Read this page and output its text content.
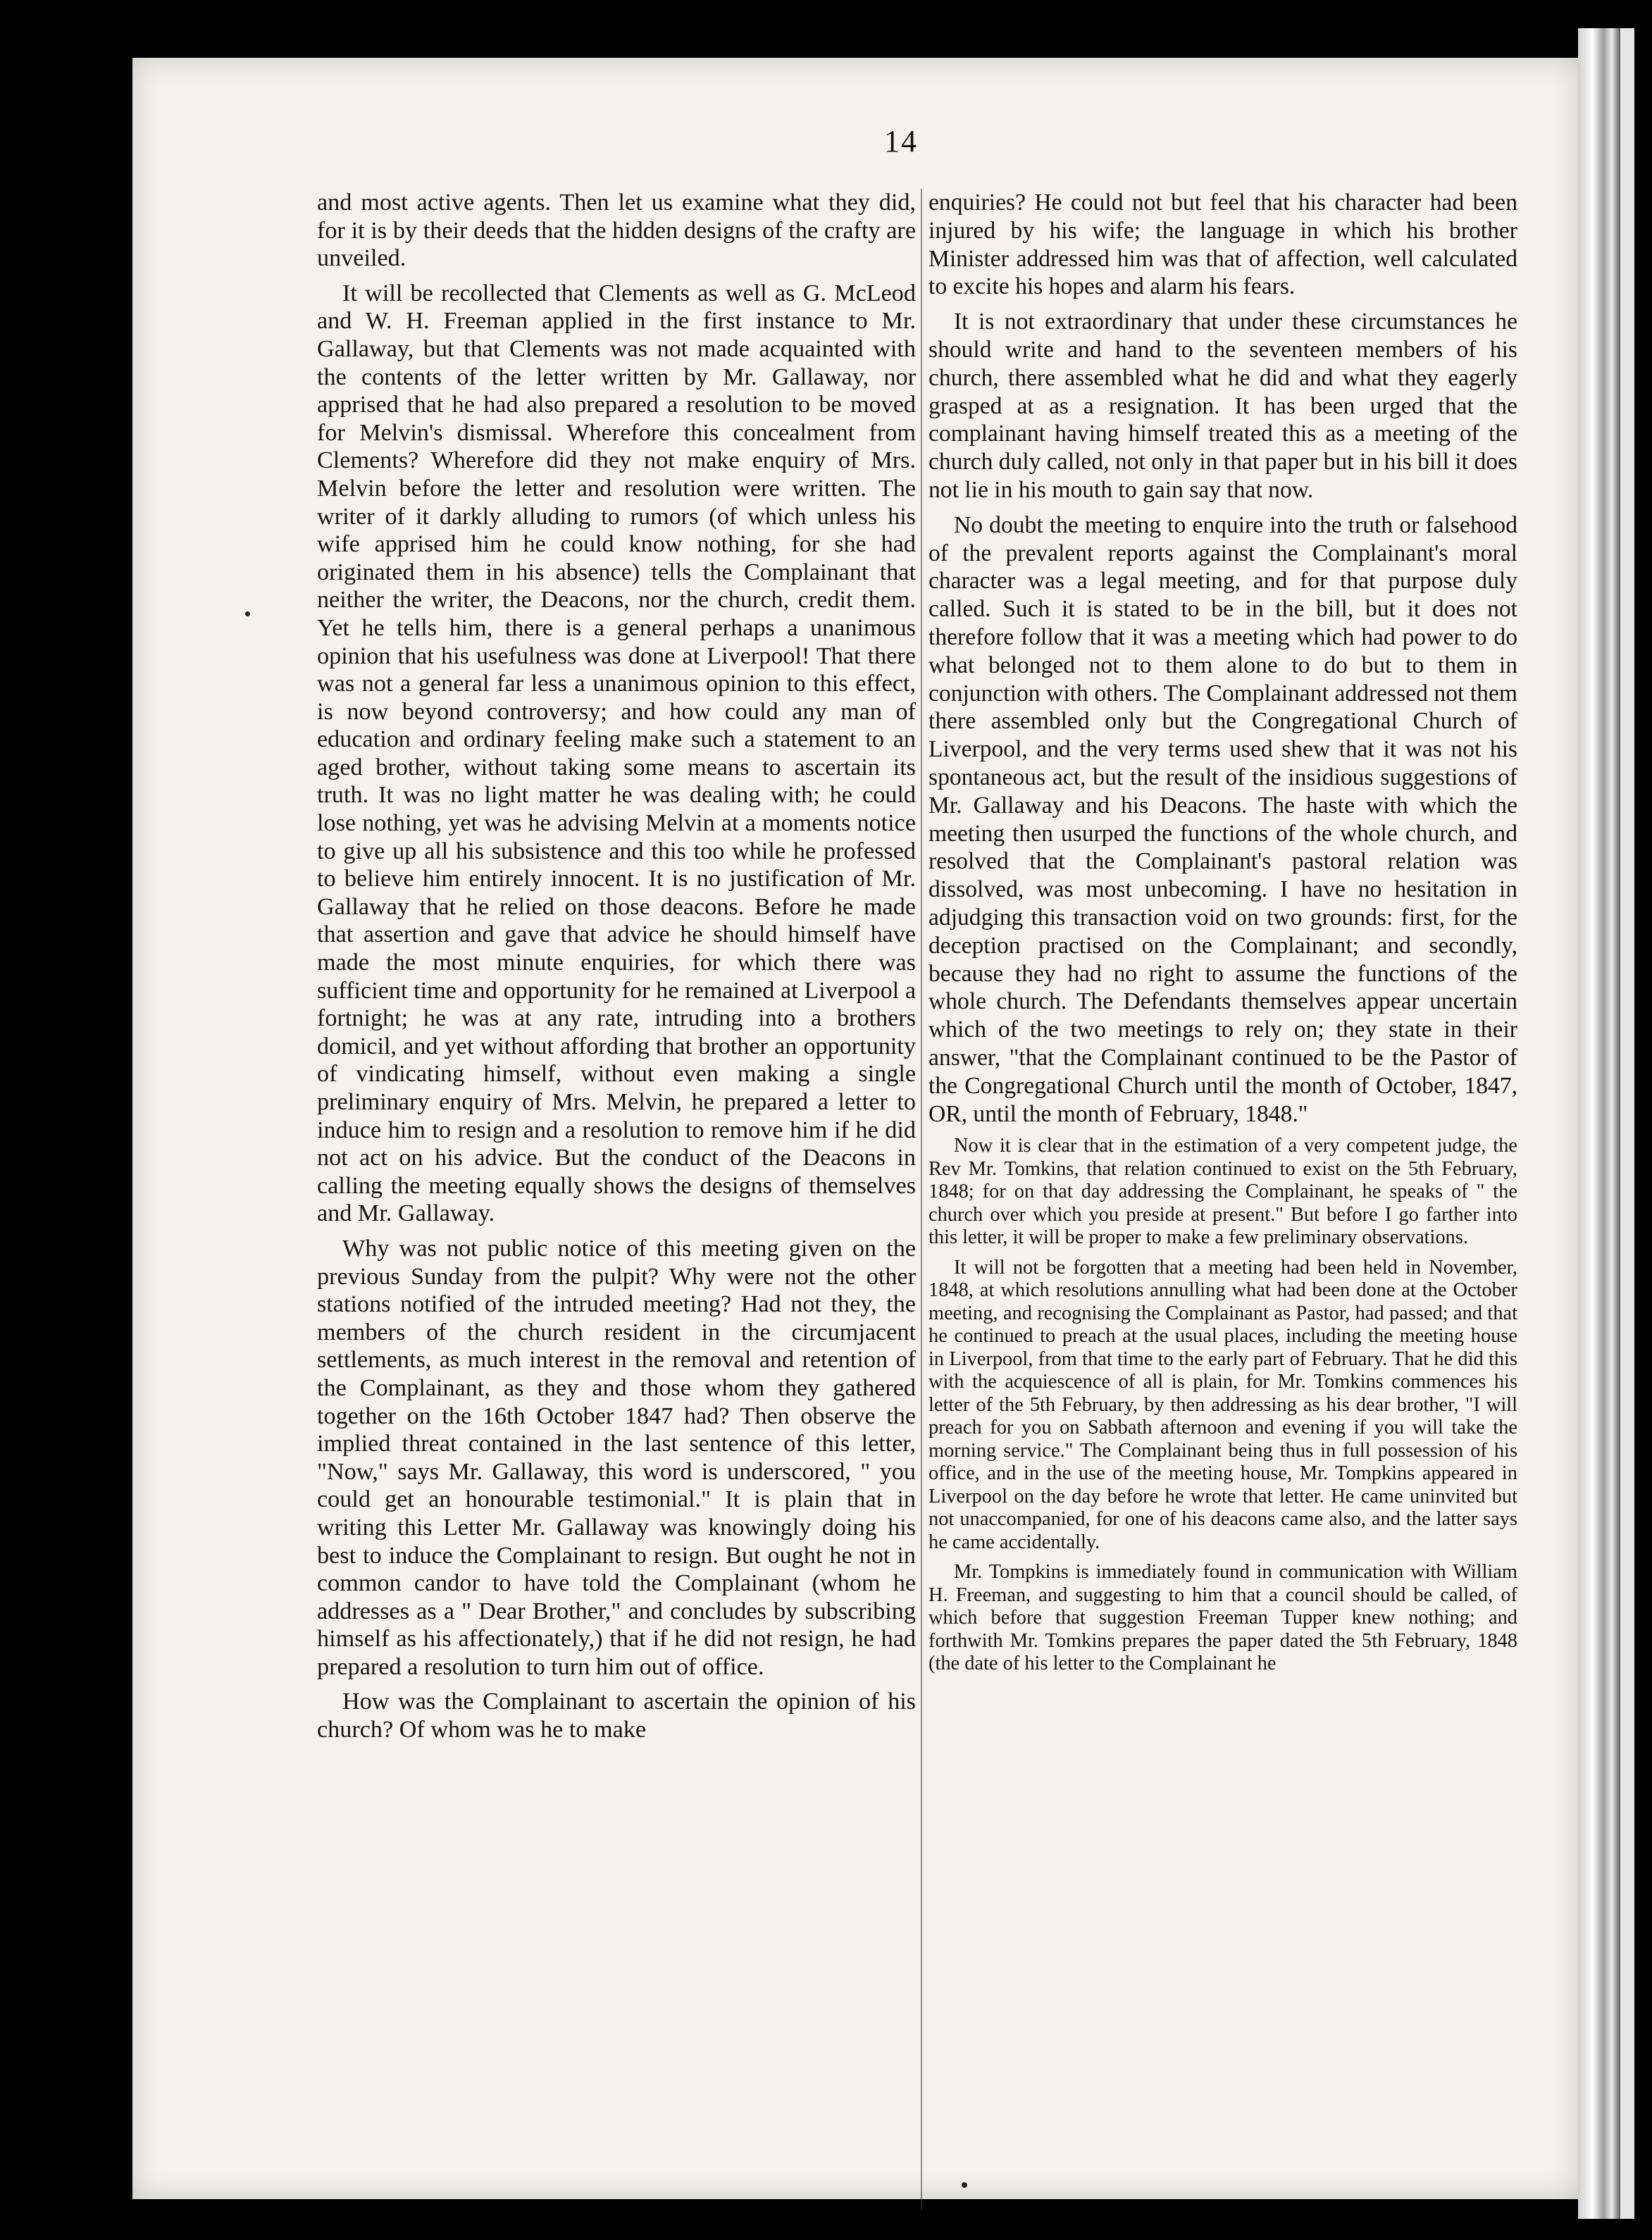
14

and most active agents. Then let us examine what they did, for it is by their deeds that the hidden designs of the crafty are unveiled.

It will be recollected that Clements as well as G. McLeod and W. H. Freeman applied in the first instance to Mr. Gallaway, but that Clements was not made acquainted with the contents of the letter written by Mr. Gallaway, nor apprised that he had also prepared a resolution to be moved for Melvin's dismissal. Wherefore this concealment from Clements? Wherefore did they not make enquiry of Mrs. Melvin before the letter and resolution were written. The writer of it darkly alluding to rumors (of which unless his wife apprised him he could know nothing, for she had originated them in his absence) tells the Complainant that neither the writer, the Deacons, nor the church, credit them. Yet he tells him, there is a general perhaps a unanimous opinion that his usefulness was done at Liverpool! That there was not a general far less a unanimous opinion to this effect, is now beyond controversy; and how could any man of education and ordinary feeling make such a statement to an aged brother, without taking some means to ascertain its truth. It was no light matter he was dealing with; he could lose nothing, yet was he advising Melvin at a moments notice to give up all his subsistence and this too while he professed to believe him entirely innocent. It is no justification of Mr. Gallaway that he relied on those deacons. Before he made that assertion and gave that advice he should himself have made the most minute enquiries, for which there was sufficient time and opportunity for he remained at Liverpool a fortnight; he was at any rate, intruding into a brothers domicil, and yet without affording that brother an opportunity of vindicating himself, without even making a single preliminary enquiry of Mrs. Melvin, he prepared a letter to induce him to resign and a resolution to remove him if he did not act on his advice. But the conduct of the Deacons in calling the meeting equally shows the designs of themselves and Mr. Gallaway.

Why was not public notice of this meeting given on the previous Sunday from the pulpit? Why were not the other stations notified of the intruded meeting? Had not they, the members of the church resident in the circumjacent settlements, as much interest in the removal and retention of the Complainant, as they and those whom they gathered together on the 16th October 1847 had? Then observe the implied threat contained in the last sentence of this letter, "Now," says Mr. Gallaway, this word is underscored, " you could get an honourable testimonial." It is plain that in writing this Letter Mr. Gallaway was knowingly doing his best to induce the Complainant to resign. But ought he not in common candor to have told the Complainant (whom he addresses as a " Dear Brother," and concludes by subscribing himself as his affectionately,) that if he did not resign, he had prepared a resolution to turn him out of office.

How was the Complainant to ascertain the opinion of his church? Of whom was he to make

enquiries? He could not but feel that his character had been injured by his wife; the language in which his brother Minister addressed him was that of affection, well calculated to excite his hopes and alarm his fears.

It is not extraordinary that under these circumstances he should write and hand to the seventeen members of his church, there assembled what he did and what they eagerly grasped at as a resignation. It has been urged that the complainant having himself treated this as a meeting of the church duly called, not only in that paper but in his bill it does not lie in his mouth to gain say that now.

No doubt the meeting to enquire into the truth or falsehood of the prevalent reports against the Complainant's moral character was a legal meeting, and for that purpose duly called. Such it is stated to be in the bill, but it does not therefore follow that it was a meeting which had power to do what belonged not to them alone to do but to them in conjunction with others. The Complainant addressed not them there assembled only but the Congregational Church of Liverpool, and the very terms used shew that it was not his spontaneous act, but the result of the insidious suggestions of Mr. Gallaway and his Deacons. The haste with which the meeting then usurped the functions of the whole church, and resolved that the Complainant's pastoral relation was dissolved, was most unbecoming. I have no hesitation in adjudging this transaction void on two grounds: first, for the deception practised on the Complainant; and secondly, because they had no right to assume the functions of the whole church. The Defendants themselves appear uncertain which of the two meetings to rely on; they state in their answer, "that the Complainant continued to be the Pastor of the Congregational Church until the month of October, 1847, OR, until the month of February, 1848."

Now it is clear that in the estimation of a very competent judge, the Rev Mr. Tomkins, that relation continued to exist on the 5th February, 1848; for on that day addressing the Complainant, he speaks of " the church over which you preside at present." But before I go farther into this letter, it will be proper to make a few preliminary observations.

It will not be forgotten that a meeting had been held in November, 1848, at which resolutions annulling what had been done at the October meeting, and recognising the Complainant as Pastor, had passed; and that he continued to preach at the usual places, including the meeting house in Liverpool, from that time to the early part of February. That he did this with the acquiescence of all is plain, for Mr. Tomkins commences his letter of the 5th February, by then addressing as his dear brother, "I will preach for you on Sabbath afternoon and evening if you will take the morning service." The Complainant being thus in full possession of his office, and in the use of the meeting house, Mr. Tompkins appeared in Liverpool on the day before he wrote that letter. He came uninvited but not unaccompanied, for one of his deacons came also, and the latter says he came accidentally.

Mr. Tompkins is immediately found in communication with William H. Freeman, and suggesting to him that a council should be called, of which before that suggestion Freeman Tupper knew nothing; and forthwith Mr. Tomkins prepares the paper dated the 5th February, 1848 (the date of his letter to the Complainant he
